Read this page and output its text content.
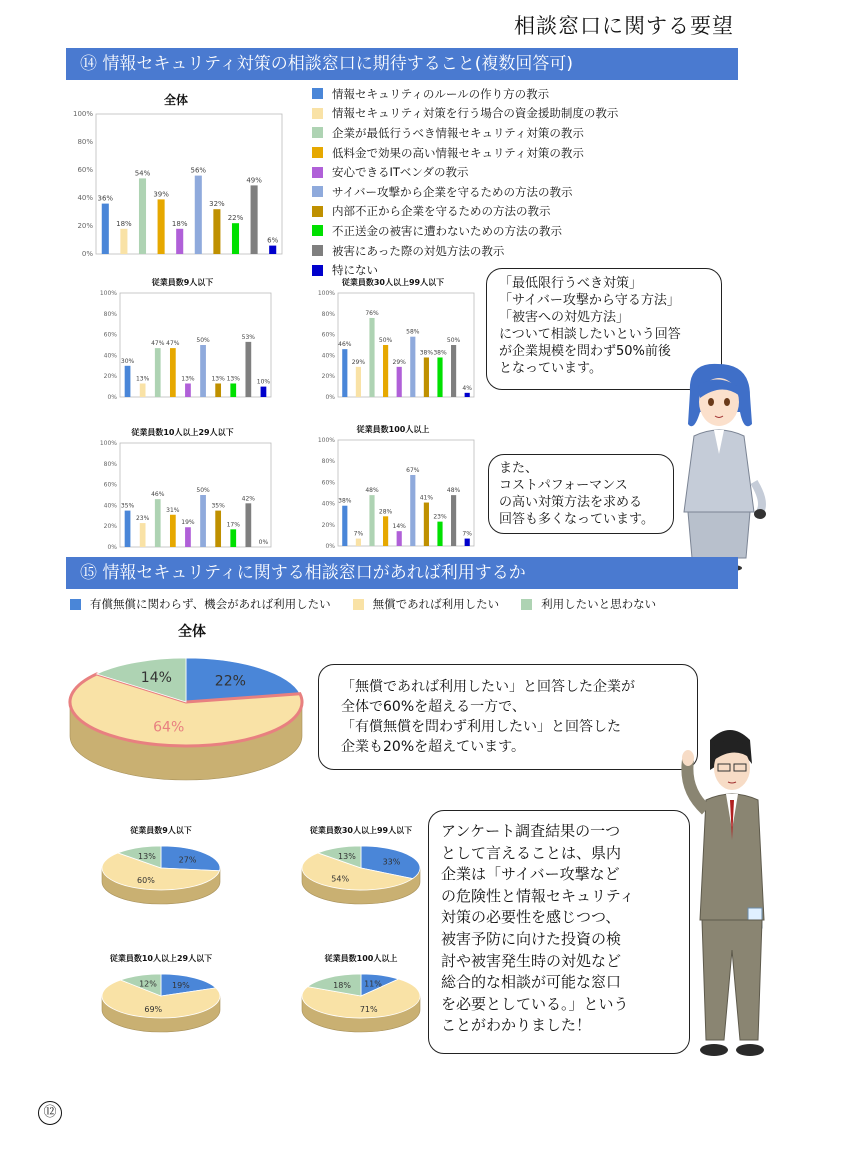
相談窓口に関する要望
⑭ 情報セキュリティ対策の相談窓口に期待すること(複数回答可)
全体
0%
20%
40%
60%
80%
100%
36%
18%
54%
39%
18%
56%
32%
22%
49%
6%
従業員数9人以下
0%
20%
40%
60%
80%
100%
30%
13%
47% 47%
13%
50%
13% 13%
53%
10%
従業員数30人以上99人以下
0%
20%
40%
60%
80%
100%
46%
29%
76%
50%
29%
58%
38% 38%
50%
4%
従業員数10人以上29人以下
0%
20%
40%
60%
80%
100%
35%
23%
46%
31%
19%
50%
35%
17%
42%
0%
従業員数100人以上
0%
20%
40%
60%
80%
100%
38%
7%
48%
28%
14%
67%
41%
23%
48%
7%
情報セキュリティのルールの作り方の教示
情報セキュリティ対策を行う場合の資金援助制度の教示
企業が最低行うべき情報セキュリティ対策の教示
低料金で効果の高い情報セキュリティ対策の教示
安心できるITベンダの教示
サイバー攻撃から企業を守るための方法の教示
内部不正から企業を守るための方法の教示
不正送金の被害に遭わないための方法の教示
被害にあった際の対処方法の教示
特にない
「最低限行うべき対策」
「サイバー攻撃から守る方法」
「被害への対処方法」
について相談したいという回答
が企業規模を問わず50%前後
となっています。
また、
コストパフォーマンス
の高い対策方法を求める
回答も多くなっています。
⑮ 情報セキュリティに関する相談窓口があれば利用するか
有償無償に関わらず、機会があれば利用したい	無償であれば利用したい	利用したいと思わない
全体
22%
64%
14%
「無償であれば利用したい」と回答した企業が
全体で60%を超える一方で、
「有償無償を問わず利用したい」と回答した
企業も20%を超えています。
従業員数9人以下
27%
60%
13%
従業員数30人以上99人以下
33%
54%
13%
従業員数10人以上29人以下
19%
69%
12%
従業員数100人以上
11%
71%
18%
アンケート調査結果の一つ
として言えることは、県内
企業は「サイバー攻撃など
の危険性と情報セキュリティ
対策の必要性を感じつつ、
被害予防に向けた投資の検
討や被害発生時の対処など
総合的な相談が可能な窓口
を必要としている。」という
ことがわかりました！
⑫
